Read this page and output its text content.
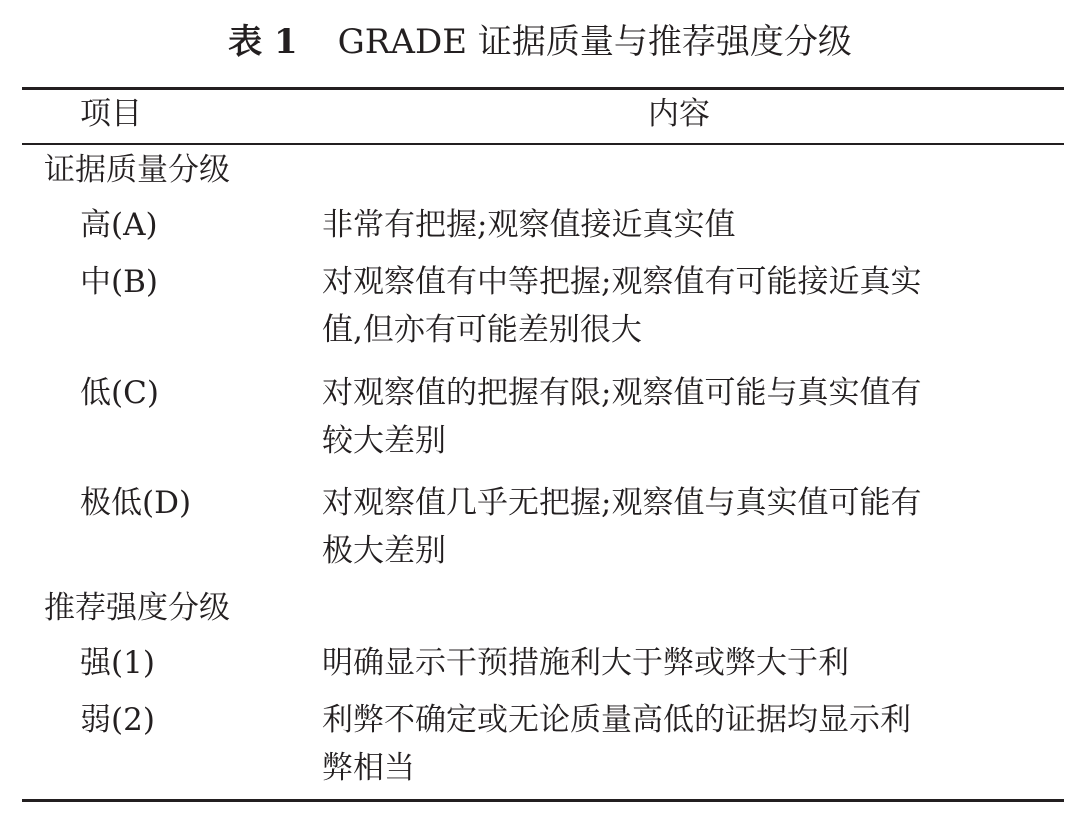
表 1 GRADE 证据质量与推荐强度分级
项目	内容
证据质量分级
高(A)	非常有把握;观察值接近真实值
中(B)	对观察值有中等把握;观察值有可能接近真实
值,但亦有可能差别很大
低(C)	对观察值的把握有限;观察值可能与真实值有
较大差别
极低(D)	对观察值几乎无把握;观察值与真实值可能有
极大差别
推荐强度分级
强(1)	明确显示干预措施利大于弊或弊大于利
弱(2)	利弊不确定或无论质量高低的证据均显示利
弊相当
